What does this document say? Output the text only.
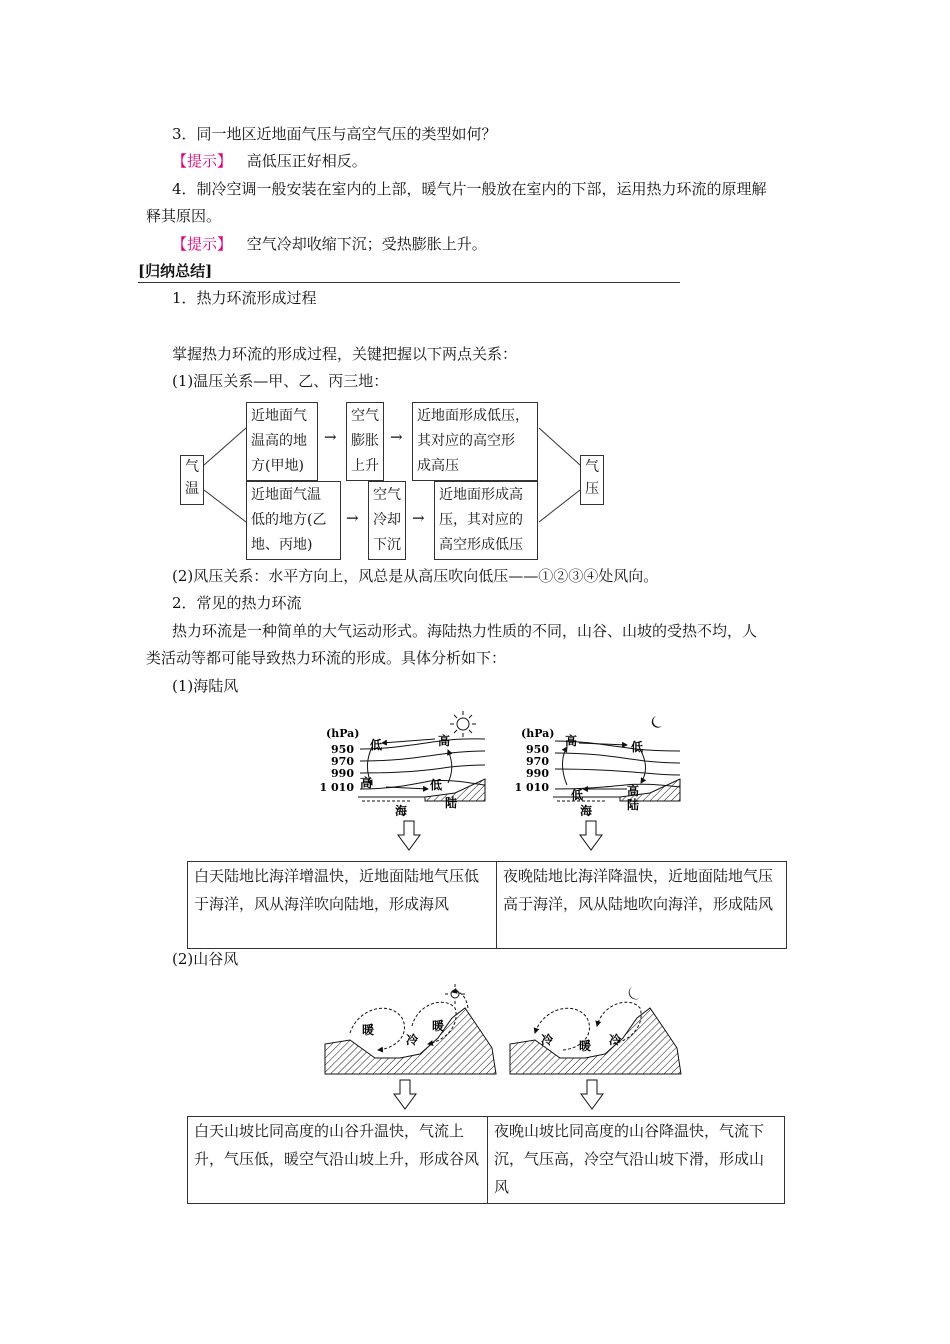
3．同一地区近地面气压与高空气压的类型如何？
【提示】 高低压正好相反。
4．制冷空调一般安装在室内的上部，暖气片一般放在室内的下部，运用热力环流的原理解
释其原因。
【提示】 空气冷却收缩下沉；受热膨胀上升。
[归纳总结]
1．热力环流形成过程
掌握热力环流的形成过程，关键把握以下两点关系：
(1)温压关系—甲、乙、丙三地：
气
温
气
压
近地面气
温高的地
方(甲地)
→
空气
膨胀
上升
→
近地面形成低压，
其对应的高空形
成高压
近地面气温
低的地方(乙
地、丙地)
→
空气
冷却
下沉
→
近地面形成高
压，其对应的
高空形成低压
(2)风压关系：水平方向上，风总是从高压吹向低压——①②③④处风向。
2．常见的热力环流
热力环流是一种简单的大气运动形式。海陆热力性质的不同，山谷、山坡的受热不均，人
类活动等都可能导致热力环流的形成。具体分析如下：
(1)海陆风
(hPa)
950
970
990
1 010
低	高
高	低
海
陆
(hPa)
950
970
990
1 010
高	低
低	高
海	陆
白天陆地比海洋增温快，近地面陆地气压低于海洋，风从海洋吹向陆地，形成海风
夜晚陆地比海洋降温快，近地面陆地气压高于海洋，风从陆地吹向海洋，形成陆风
(2)山谷风
暖
冷
暖
冷 暖 冷
白天山坡比同高度的山谷升温快，气流上升，气压低，暖空气沿山坡上升，形成谷风
夜晚山坡比同高度的山谷降温快，气流下沉，气压高，冷空气沿山坡下滑，形成山风
